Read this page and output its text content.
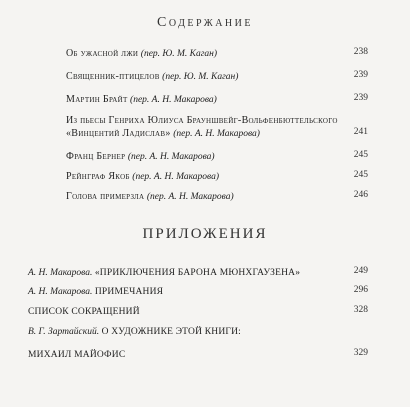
Содержание
Об ужасной лжи (пер. Ю. М. Каган)	238
Священник-птицелов (пер. Ю. М. Каган)	239
Мартин Брайт (пер. А. Н. Макарова)	239
Из пьесы Генриха Юлиуса Брауншвейг-Вольфенбюттельского
«Винцентий Ладислав» (пер. А. Н. Макарова)	241
Франц Бернер (пер. А. Н. Макарова)	245
Рейнграф Якоб (пер. А. Н. Макарова)	245
Голова примерзла (пер. А. Н. Макарова)	246
ПРИЛОЖЕНИЯ
А. Н. Макарова. «ПРИКЛЮЧЕНИЯ БАРОНА МЮНХГАУЗЕНА»	249
А. Н. Макарова. ПРИМЕЧАНИЯ	296
СПИСОК СОКРАЩЕНИЙ	328
В. Г. Зартайский. О ХУДОЖНИКЕ ЭТОЙ КНИГИ:
МИХАИЛ МАЙОФИС	329
